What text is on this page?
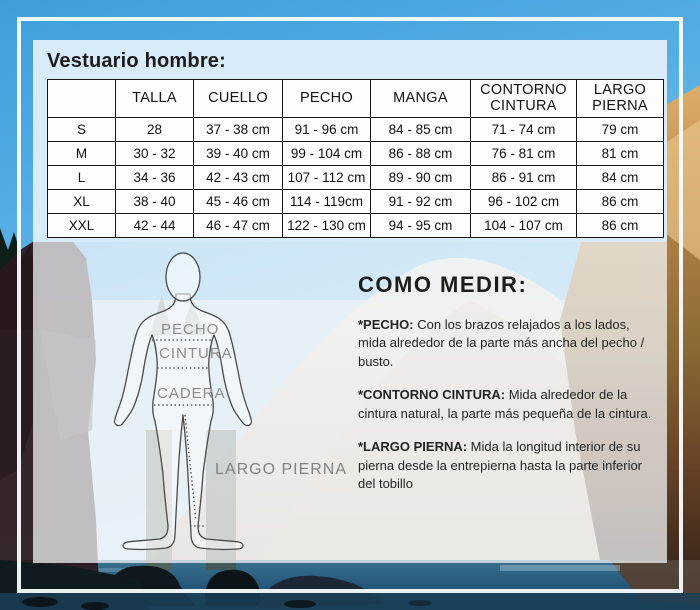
Vestuario hombre:
	TALLA	CUELLO	PECHO	MANGA	CONTORNO CINTURA	LARGO PIERNA
S	28	37 - 38 cm	91 - 96 cm	84 - 85 cm	71 - 74 cm	79 cm
M	30 - 32	39 - 40 cm	99 - 104 cm	86 - 88 cm	76 - 81 cm	81 cm
L	34 - 36	42 - 43 cm	107 - 112 cm	89 - 90 cm	86 - 91 cm	84 cm
XL	38 - 40	45 - 46 cm	114 - 119cm	91 - 92 cm	96 - 102 cm	86 cm
XXL	42 - 44	46 - 47 cm	122 - 130 cm	94 - 95 cm	104 - 107 cm	86 cm
PECHO
CINTURA
CADERA
LARGO PIERNA
COMO MEDIR:

*PECHO: Con los brazos relajados a los lados, mida alrededor de la parte más ancha del pecho / busto.

*CONTORNO CINTURA: Mida alrededor de la cintura natural, la parte más pequeña de la cintura.

*LARGO PIERNA: Mida la longitud interior de su pierna desde la entrepierna hasta la parte inferior del tobillo
